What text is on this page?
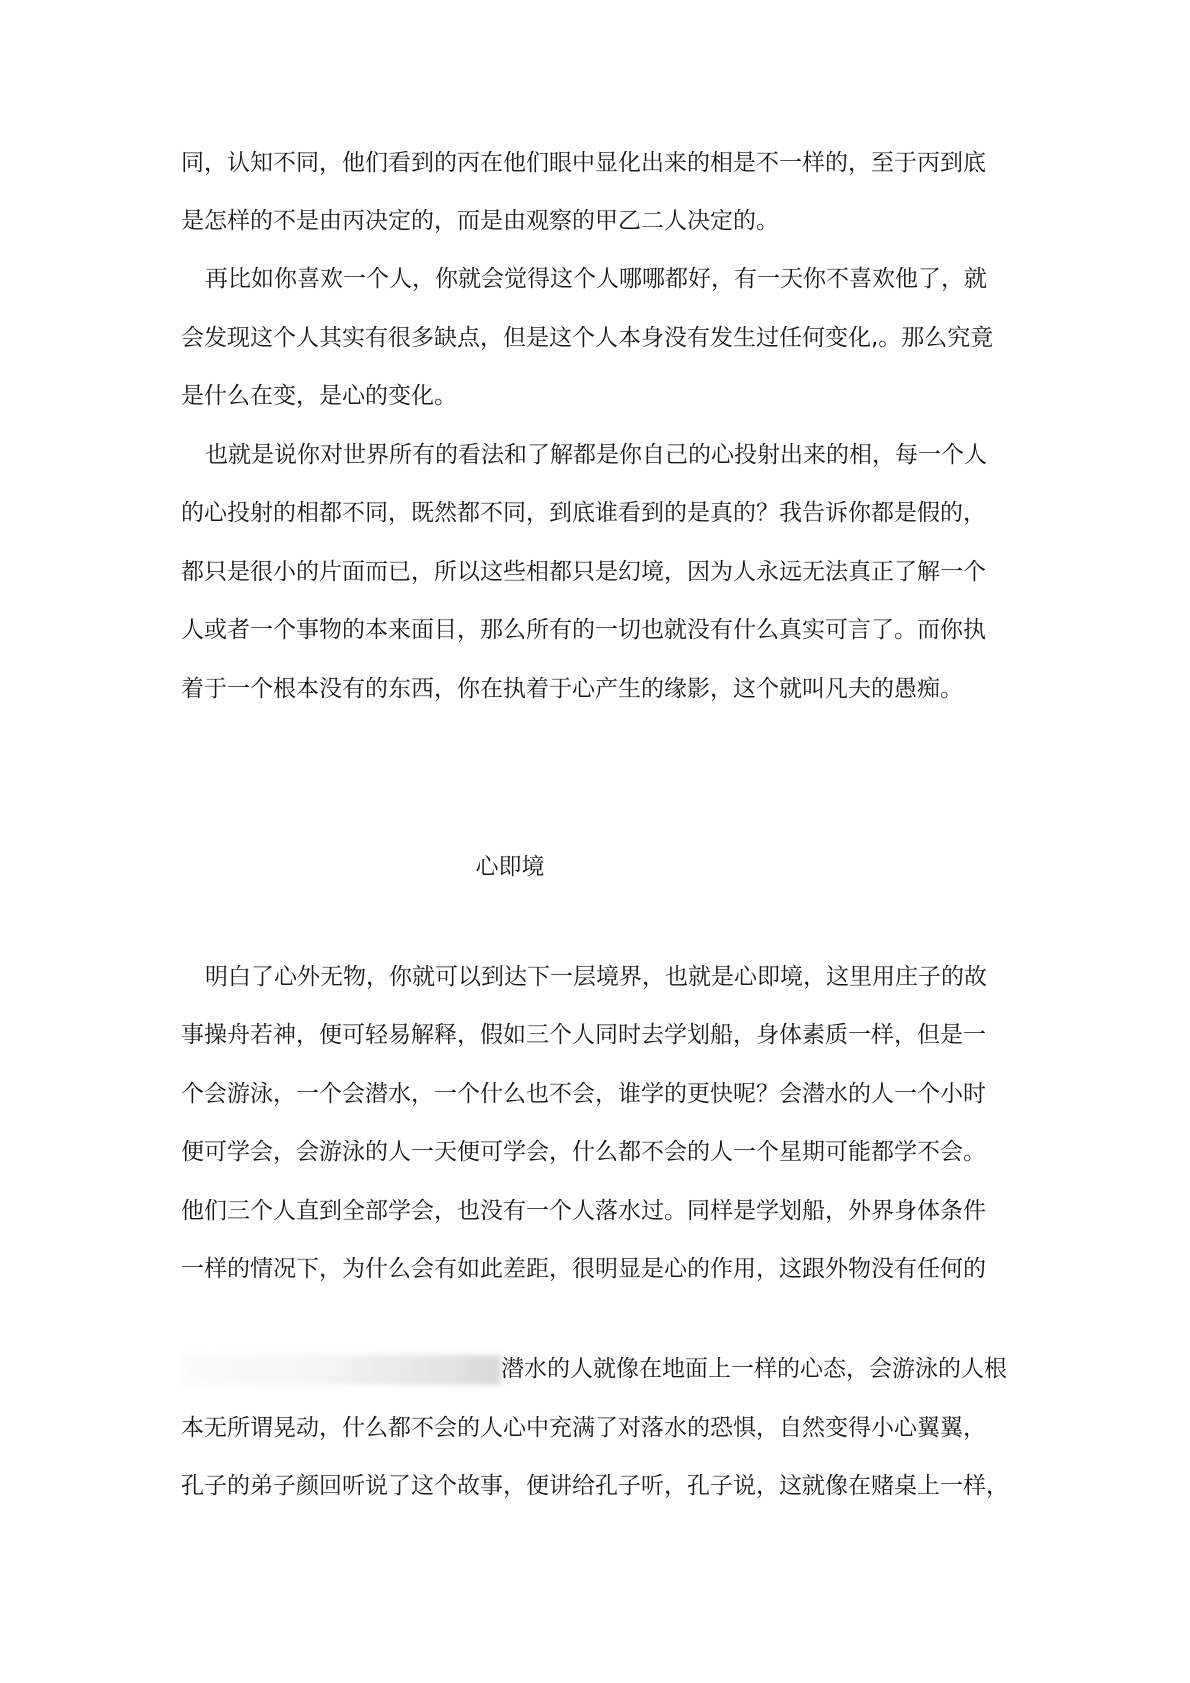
同，认知不同，他们看到的丙在他们眼中显化出来的相是不一样的，至于丙到底
是怎样的不是由丙决定的，而是由观察的甲乙二人决定的。
再比如你喜欢一个人，你就会觉得这个人哪哪都好，有一天你不喜欢他了，就
会发现这个人其实有很多缺点，但是这个人本身没有发生过任何变化,。那么究竟
是什么在变，是心的变化。
也就是说你对世界所有的看法和了解都是你自己的心投射出来的相，每一个人
的心投射的相都不同，既然都不同，到底谁看到的是真的？我告诉你都是假的，
都只是很小的片面而已，所以这些相都只是幻境，因为人永远无法真正了解一个
人或者一个事物的本来面目，那么所有的一切也就没有什么真实可言了。而你执
着于一个根本没有的东西，你在执着于心产生的缘影，这个就叫凡夫的愚痴。
心即境
明白了心外无物，你就可以到达下一层境界，也就是心即境，这里用庄子的故
事操舟若神，便可轻易解释，假如三个人同时去学划船，身体素质一样，但是一
个会游泳，一个会潜水，一个什么也不会，谁学的更快呢？会潜水的人一个小时
便可学会，会游泳的人一天便可学会，什么都不会的人一个星期可能都学不会。
他们三个人直到全部学会，也没有一个人落水过。同样是学划船，外界身体条件
一样的情况下，为什么会有如此差距，很明显是心的作用，这跟外物没有任何的
潜水的人就像在地面上一样的心态，会游泳的人根
本无所谓晃动，什么都不会的人心中充满了对落水的恐惧，自然变得小心翼翼，
孔子的弟子颜回听说了这个故事，便讲给孔子听，孔子说，这就像在赌桌上一样，
